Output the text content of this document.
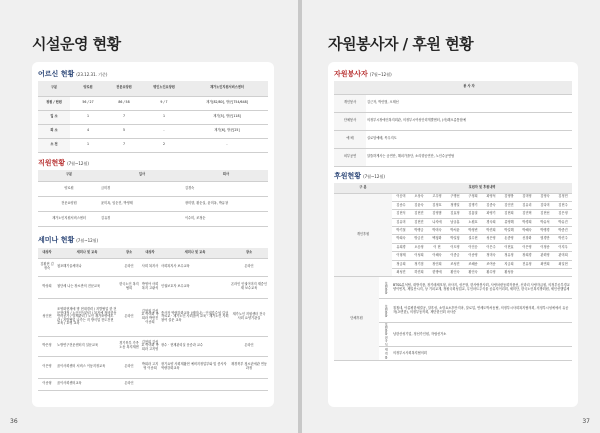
시설운영 현황
어르신 현황 (23.12.31. 기준)
구분	양로원	전문요양원	명인노인요양원	재가노인지원서비스센터
정원 / 현원	56 / 27	86 / 58	9 / 7	재가[82/80], 방문[754/648]
입 소	1	7	1	재가[5], 방문[118]
퇴 소	4	5	-	재가[6], 방문[25]
소 천	1	7	2	-
직원현황 (7월~12월)
구분	입사	퇴사
양로원	금미경	김경숙
전문요양원	윤미옥, 임순진, 박영태	장미향, 황순실, 윤미옥, 박유창
재가노인지원서비스센터	김유경	이수미, 조정순
세미나 현황 (7월~12월)
대상자	세미나 및 교육	장소	대상자	세미나 및 교육	장소
김황현 김정숙	청포해기술세미나	온라인	사회 복지사	사회복지사 보수교육	온라인
박상희	첨단세 나는 장소만의 전문교육	한국노인 복지협회	박영아 사회복지 고광석	인권보호자 보수교육	온라인 인권이미지 재중인재 보수교육
성인현	조영화현재에 명 현대경력 / 지발협업 한 전문현대적 / 노인인식관리 / 복지예 정비한동언어공가 / 발제관리 / 노인 재가보양에도 관 / 지발협업 나가는 지 방식업 전도건현 교육 / 호영 교육	온라인	김형권 김성호 박미화 박희라 박헌진 이준희	종사자 역량강화교육 (세미나) · 인권감수성 길상자료교 · 재가노인 사회참여 교육 · 재가노인 사회참여 설문 교육	재가노인 지원센터 전국 사회 요양기관실
박은정	노방연구전문센터지 설문교육	경기북부 가족노동 복지재센	김현희 김성호 박미화 박희라 고지영	장수 · 현재관리실 문증과 교수	온라인
이은영	꿈이사회센터 서비스 이동지정교육	온라인	박희라 고지영 이준희	장기요양 사회재활현 예비지정업부와 및 종사자 역량강화교육	재경북부 청소년에관 연동과정
이준형	꿈이사회센터교육	온라인			
36
자원봉사자 / 후원 현황
자원봉사자 (7월~12월)
	봉 사 자
개인봉사	김근자, 박인범, 오태선
단체봉사	의정부시장애인복지회관, 의정부시여성인력개발센터, (사)해오름통합예
예 배	실로암예배, 목우지도
외부공연	알뜰하게사는 공연단, 해피가을단, 소리향공연단, 노인수공연팀
후원현황 (7월~12월)
구 분		호원자 및 후원내역									
개인후원		이승미	오상숙	고우영	구명선	구정희	곽영석	김영방	김미영	김영숙	김정민
		김준수	김윤숙	김정호	정명일	김명기	김종숙	김인민	김유리	김다미	김현주
		김현식	김현진	김영범	김효정	김홍열	곽영기	김현희	김민혁	김현선	김은정
		김유미	김현진	나지애	남궁훈	노원호	경숙희	류영해	박경희	박유석	박유진
		박기철	박명금	박미숙	박서윤	박정빈	박진희	박길해	박혜숙	박명경	박종진
		박희숙	방금진	백청화	박일청	설수현	성은영	손종영	신창화	염경만	박진주
		유희경	오순정	이 현	이도영	이인순	이은주	이현효	이은영	이정준	이지우
		이형재	이성희	이혜숙	이종금	이준영	정미숙	정유정	장희경	관회영	관미희
		정금희	정기점	장인희	조성진	조혜준	조여준	지금희	진유정	최연희	최일현
		최성진	하진희	한명애	황인숙	황인숙	황수영	황성웅			
단체후원	후원물품	BTS&분석팀, 대방식품, 장기매체모형, 마사지, 성은형, 한사랑봉사회, 사랑차린동회작품선, 신라리 사랑자급원, 의정부공부경교양이빈지, 제일산시지, 상 기피교계, 정원국회성업교, 무인마트주식물 공유지이리회, 세미단, 한국노인복지방회원, 세인선행업체									
	후원물품	칠칩네, 아름평한체결공, 알후성, 소망요소후안지마, 알로업, 연세도박서동협, 의정부시사회복지협의회, 의정부시성에에서 유공자(초면한), 의정부동작회, 제단한인회 마사증									
	후원물품 전국 식	남한산성기업, 정선가인원, 자립선거소									
	재 적 물	의정부시사회복지협의회									
37
